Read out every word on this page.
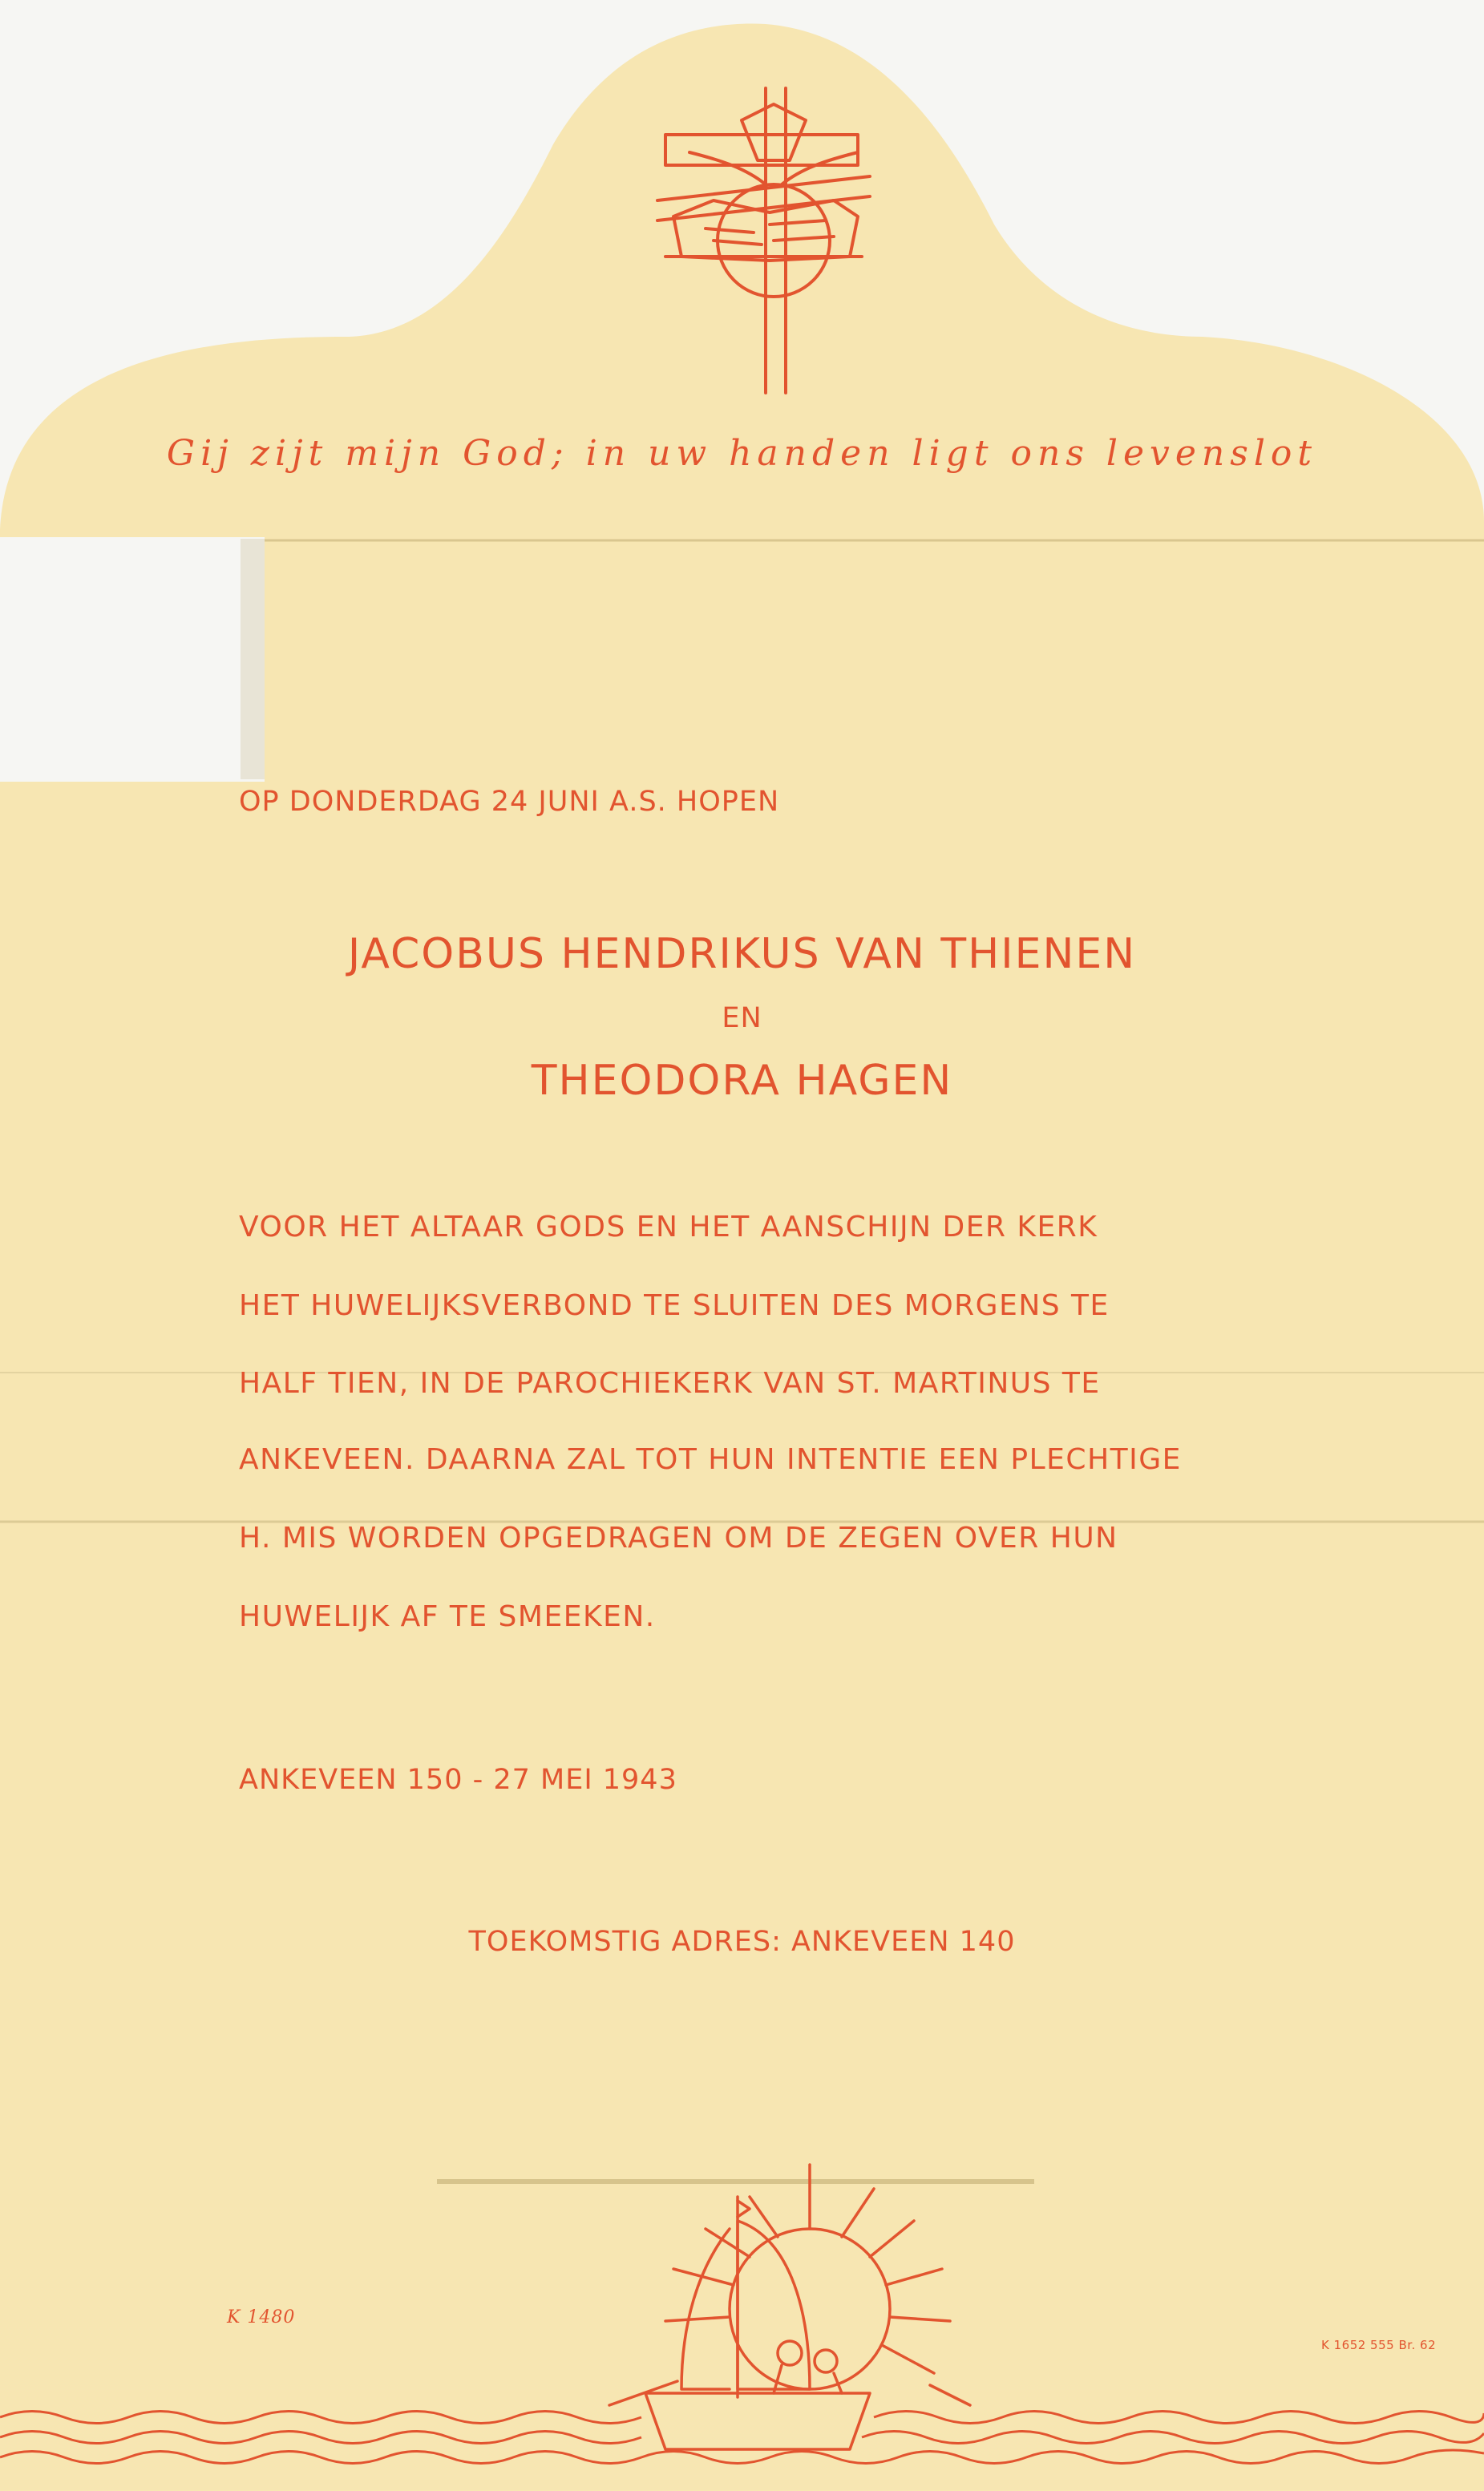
Gij zijt mijn God; in uw handen ligt ons levenslot
OP DONDERDAG 24 JUNI A.S. HOPEN
JACOBUS HENDRIKUS VAN THIENEN
EN
THEODORA HAGEN
VOOR HET ALTAAR GODS EN HET AANSCHIJN DER KERK
HET HUWELIJKSVERBOND TE SLUITEN DES MORGENS TE
HALF TIEN, IN DE PAROCHIEKERK VAN ST. MARTINUS TE
ANKEVEEN. DAARNA ZAL TOT HUN INTENTIE EEN PLECHTIGE
H. MIS WORDEN OPGEDRAGEN OM DE ZEGEN OVER HUN
HUWELIJK AF TE SMEEKEN.
ANKEVEEN 150 - 27 MEI 1943
TOEKOMSTIG ADRES: ANKEVEEN 140
K 1480
K 1652 555 Br. 62
